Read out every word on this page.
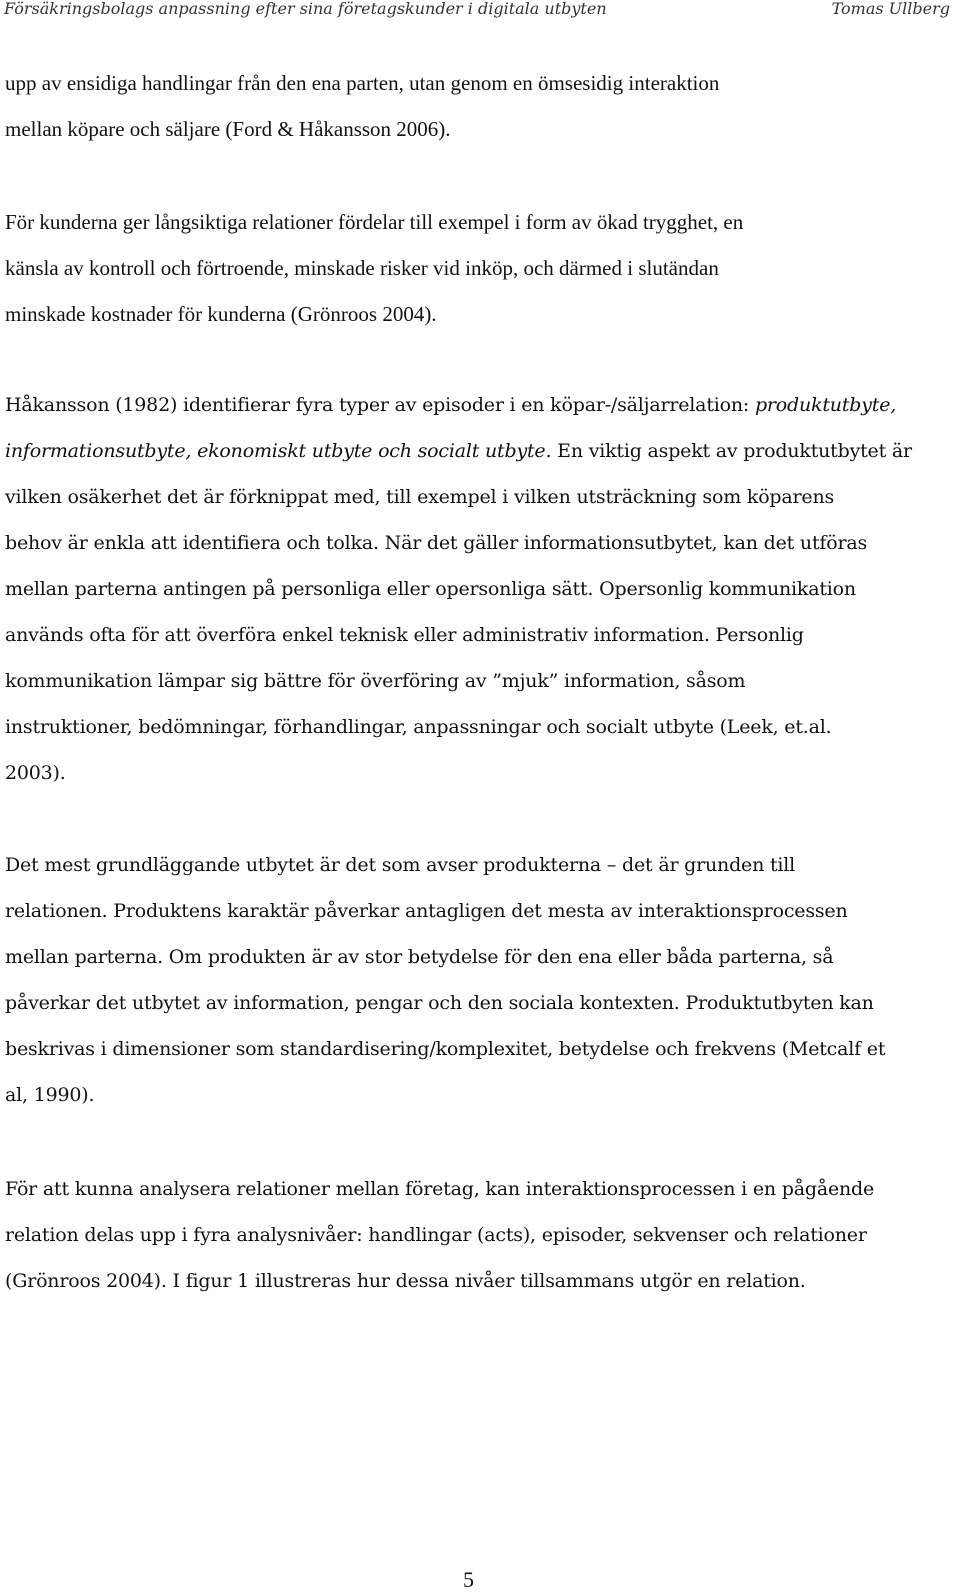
Försäkringsbolags anpassning efter sina företagskunder i digitala utbyten	Tomas Ullberg

upp av ensidiga handlingar från den ena parten, utan genom en ömsesidig interaktion
mellan köpare och säljare (Ford & Håkansson 2006).

För kunderna ger långsiktiga relationer fördelar till exempel i form av ökad trygghet, en
känsla av kontroll och förtroende, minskade risker vid inköp, och därmed i slutändan
minskade kostnader för kunderna (Grönroos 2004).

Håkansson (1982) identifierar fyra typer av episoder i en köpar-/säljarrelation: produktutbyte,
informationsutbyte, ekonomiskt utbyte och socialt utbyte. En viktig aspekt av produktutbytet är
vilken osäkerhet det är förknippat med, till exempel i vilken utsträckning som köparens
behov är enkla att identifiera och tolka. När det gäller informationsutbytet, kan det utföras
mellan parterna antingen på personliga eller opersonliga sätt. Opersonlig kommunikation
används ofta för att överföra enkel teknisk eller administrativ information. Personlig
kommunikation lämpar sig bättre för överföring av ”mjuk” information, såsom
instruktioner, bedömningar, förhandlingar, anpassningar och socialt utbyte (Leek, et.al.
2003).

Det mest grundläggande utbytet är det som avser produkterna – det är grunden till
relationen. Produktens karaktär påverkar antagligen det mesta av interaktionsprocessen
mellan parterna. Om produkten är av stor betydelse för den ena eller båda parterna, så
påverkar det utbytet av information, pengar och den sociala kontexten. Produktutbyten kan
beskrivas i dimensioner som standardisering/komplexitet, betydelse och frekvens (Metcalf et
al, 1990).

För att kunna analysera relationer mellan företag, kan interaktionsprocessen i en pågående
relation delas upp i fyra analysnivåer: handlingar (acts), episoder, sekvenser och relationer
(Grönroos 2004). I figur 1 illustreras hur dessa nivåer tillsammans utgör en relation.

5
